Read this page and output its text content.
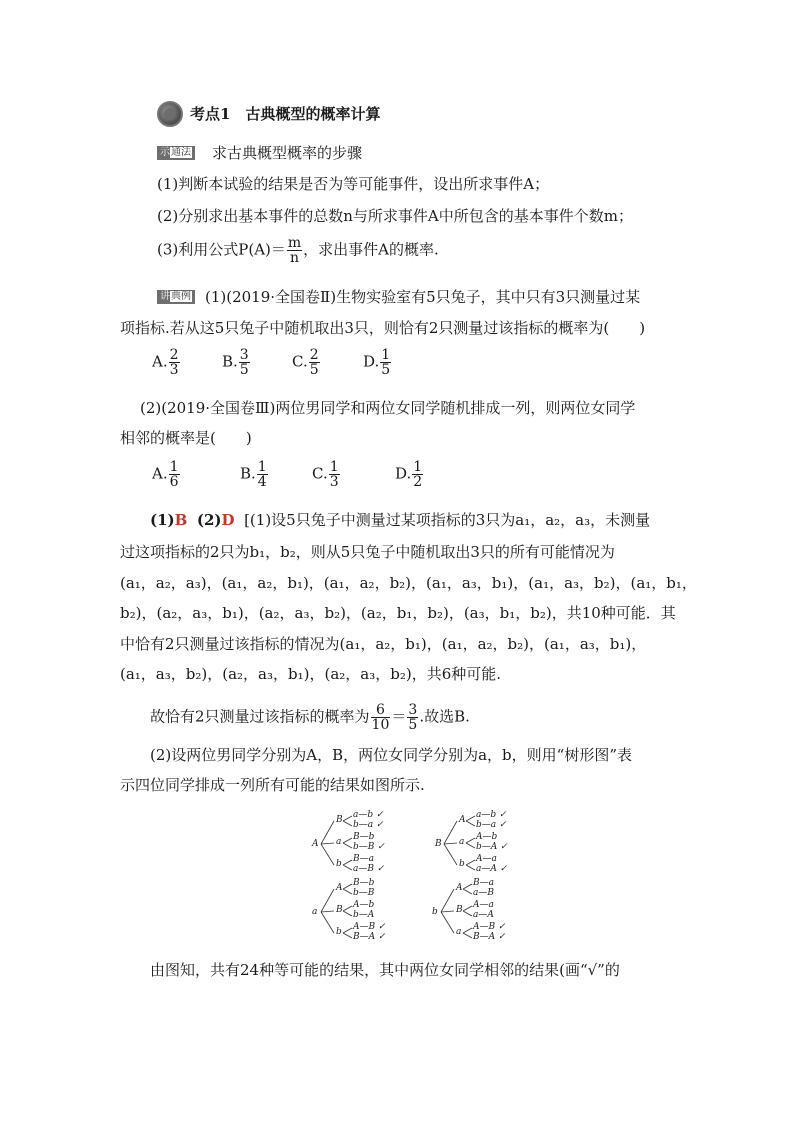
考点1　古典概型的概率计算
示通法 求古典概型概率的步骤
(1)判断本试验的结果是否为等可能事件，设出所求事件A；
(2)分别求出基本事件的总数n与所求事件A中所包含的基本事件个数m；
(3)利用公式$P(A)= \frac{m}{n}$ ，求出事件A的概率.
讲典例 (1)(2019·全国卷Ⅱ)生物实验室有5只兔子，其中只有3只测量过某
项指标.若从这5只兔子中随机取出3只，则恰有2只测量过该指标的概率为(　　)
A. $\frac{2}{3}$	B. $\frac{3}{5}$	C. $\frac{2}{5}$	D. $\frac{1}{5}$
(2)(2019·全国卷Ⅲ)两位男同学和两位女同学随机排成一列，则两位女同学
相邻的概率是(　　)
A. $\frac{1}{6}$	B. $\frac{1}{4}$	C. $\frac{1}{3}$	D. $\frac{1}{2}$
(1)B (2)D [(1)设5只兔子中测量过某项指标的3只为a₁，a₂，a₃，未测量
过这项指标的2只为b₁，b₂，则从5只兔子中随机取出3只的所有可能情况为
(a₁，a₂，a₃)，(a₁，a₂，b₁)，(a₁，a₂，b₂)，(a₁，a₃，b₁)，(a₁，a₃，b₂)，(a₁，b₁，
b₂)，(a₂，a₃，b₁)，(a₂，a₃，b₂)，(a₂，b₁，b₂)，(a₃，b₁，b₂)，共10种可能．其
中恰有2只测量过该指标的情况为(a₁，a₂，b₁)，(a₁，a₂，b₂)，(a₁，a₃，b₁)，
(a₁，a₃，b₂)，(a₂，a₃，b₁)，(a₂，a₃，b₂)，共6种可能.
故恰有2只测量过该指标的概率为 $\frac{6}{10} = \frac{3}{5}$ .故选B.
(2)设两位男同学分别为A，B，两位女同学分别为a，b，则用“树形图”表
示四位同学排成一列所有可能的结果如图所示.
A
B a—b ✓
b—a ✓
a B—b
b—B ✓
b B—a
a—B ✓
B
A a—b ✓
b—a ✓
a A—b
b—A ✓
b A—a
a—A ✓
a
A B—b
b—B
B A—b
b—A
b A—B ✓
B—A ✓
b
A B—a
a—B
B A—a
a—A
a A—B ✓
B—A ✓
由图知，共有24种等可能的结果，其中两位女同学相邻的结果(画“√”的
